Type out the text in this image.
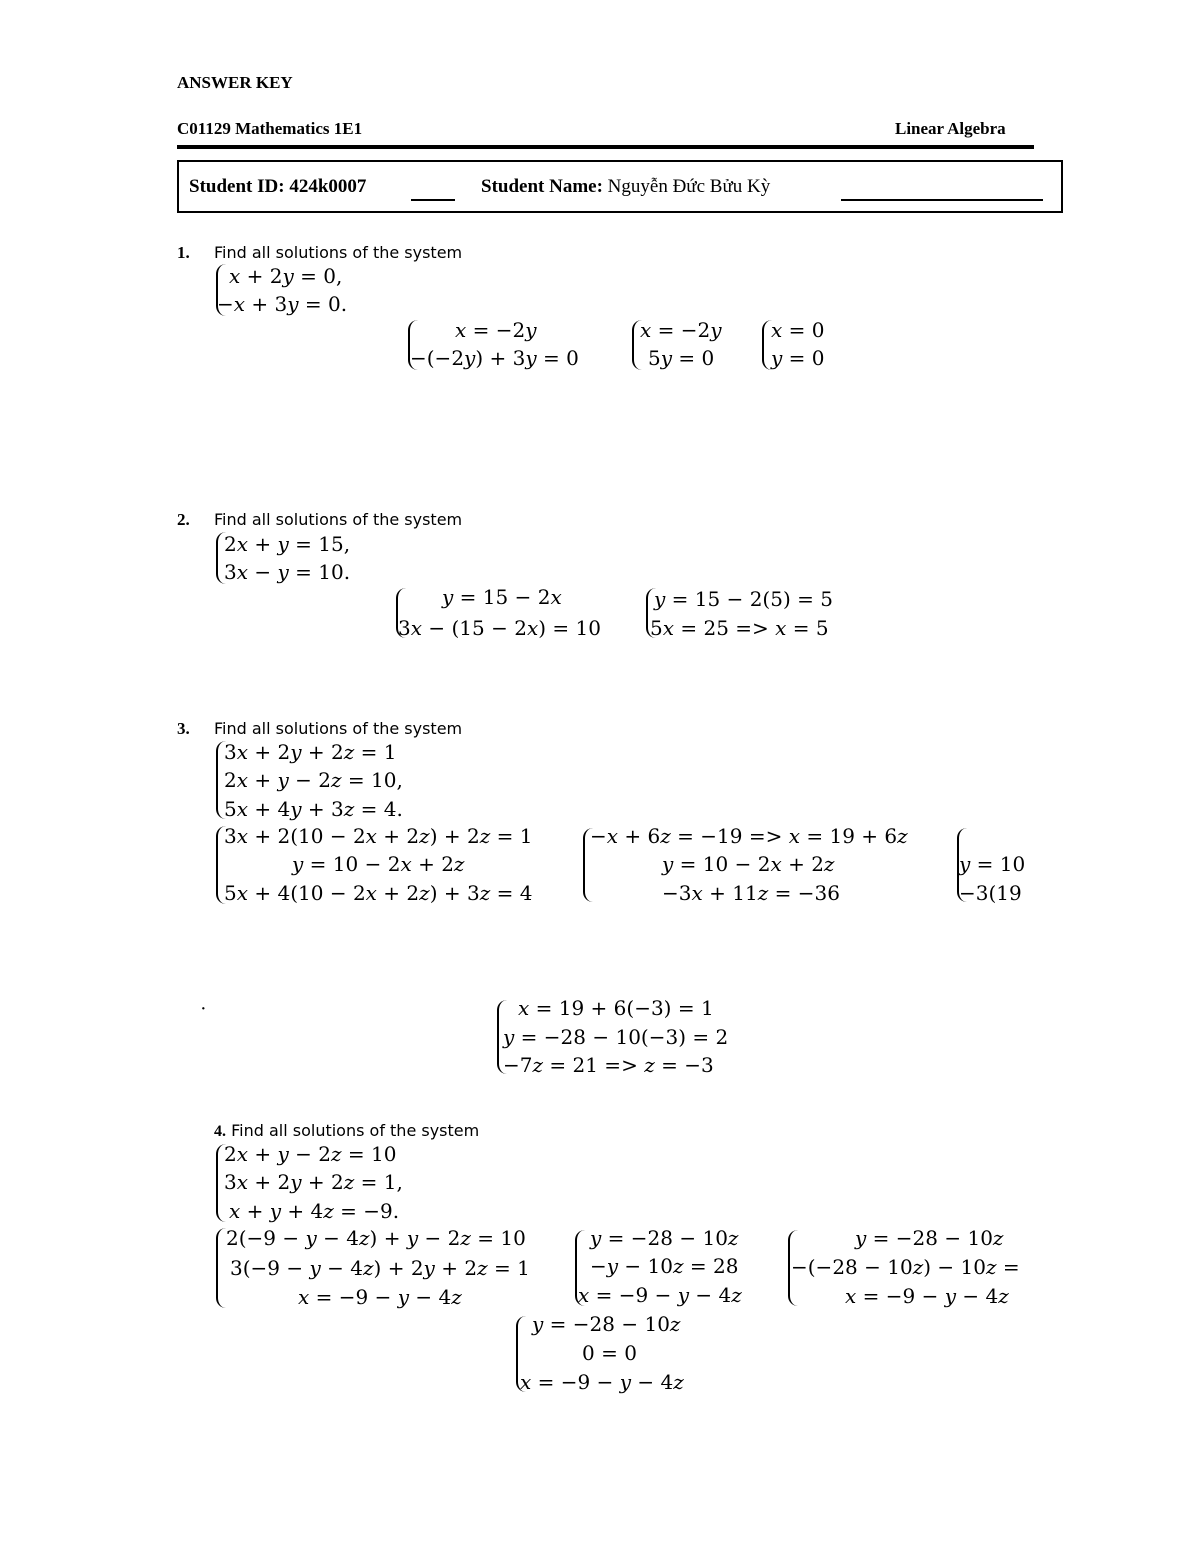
ANSWER KEY
C01129 Mathematics 1E1	Linear Algebra
Student ID: 424k0007	Student Name: Nguyễn Đức Bửu Kỳ
1. Find all solutions of the system
x + 2y = 0,
−x + 3y = 0.
x = −2y
−(−2y) + 3y = 0
x = −2y
5y = 0
x = 0
y = 0
2. Find all solutions of the system
2x + y = 15,
3x − y = 10.
y = 15 − 2x
3x − (15 − 2x) = 10
y = 15 − 2(5) = 5
5x = 25 => x = 5
3. Find all solutions of the system
3x + 2y + 2z = 1
2x + y − 2z = 10,
5x + 4y + 3z = 4.
3x + 2(10 − 2x + 2z) + 2z = 1
y = 10 − 2x + 2z
5x + 4(10 − 2x + 2z) + 3z = 4
−x + 6z = −19 => x = 19 + 6z
y = 10 − 2x + 2z
−3x + 11z = −36
y = 10
−3(19
·	x = 19 + 6(−3) = 1
y = −28 − 10(−3) = 2
−7z = 21 => z = −3
4. Find all solutions of the system
2x + y − 2z = 10
3x + 2y + 2z = 1,
x + y + 4z = −9.
2(−9 − y − 4z) + y − 2z = 10
3(−9 − y − 4z) + 2y + 2z = 1
x = −9 − y − 4z
y = −28 − 10z
−y − 10z = 28
x = −9 − y − 4z
y = −28 − 10z
−(−28 − 10z) − 10z =
x = −9 − y − 4z
y = −28 − 10z
0 = 0
x = −9 − y − 4z
